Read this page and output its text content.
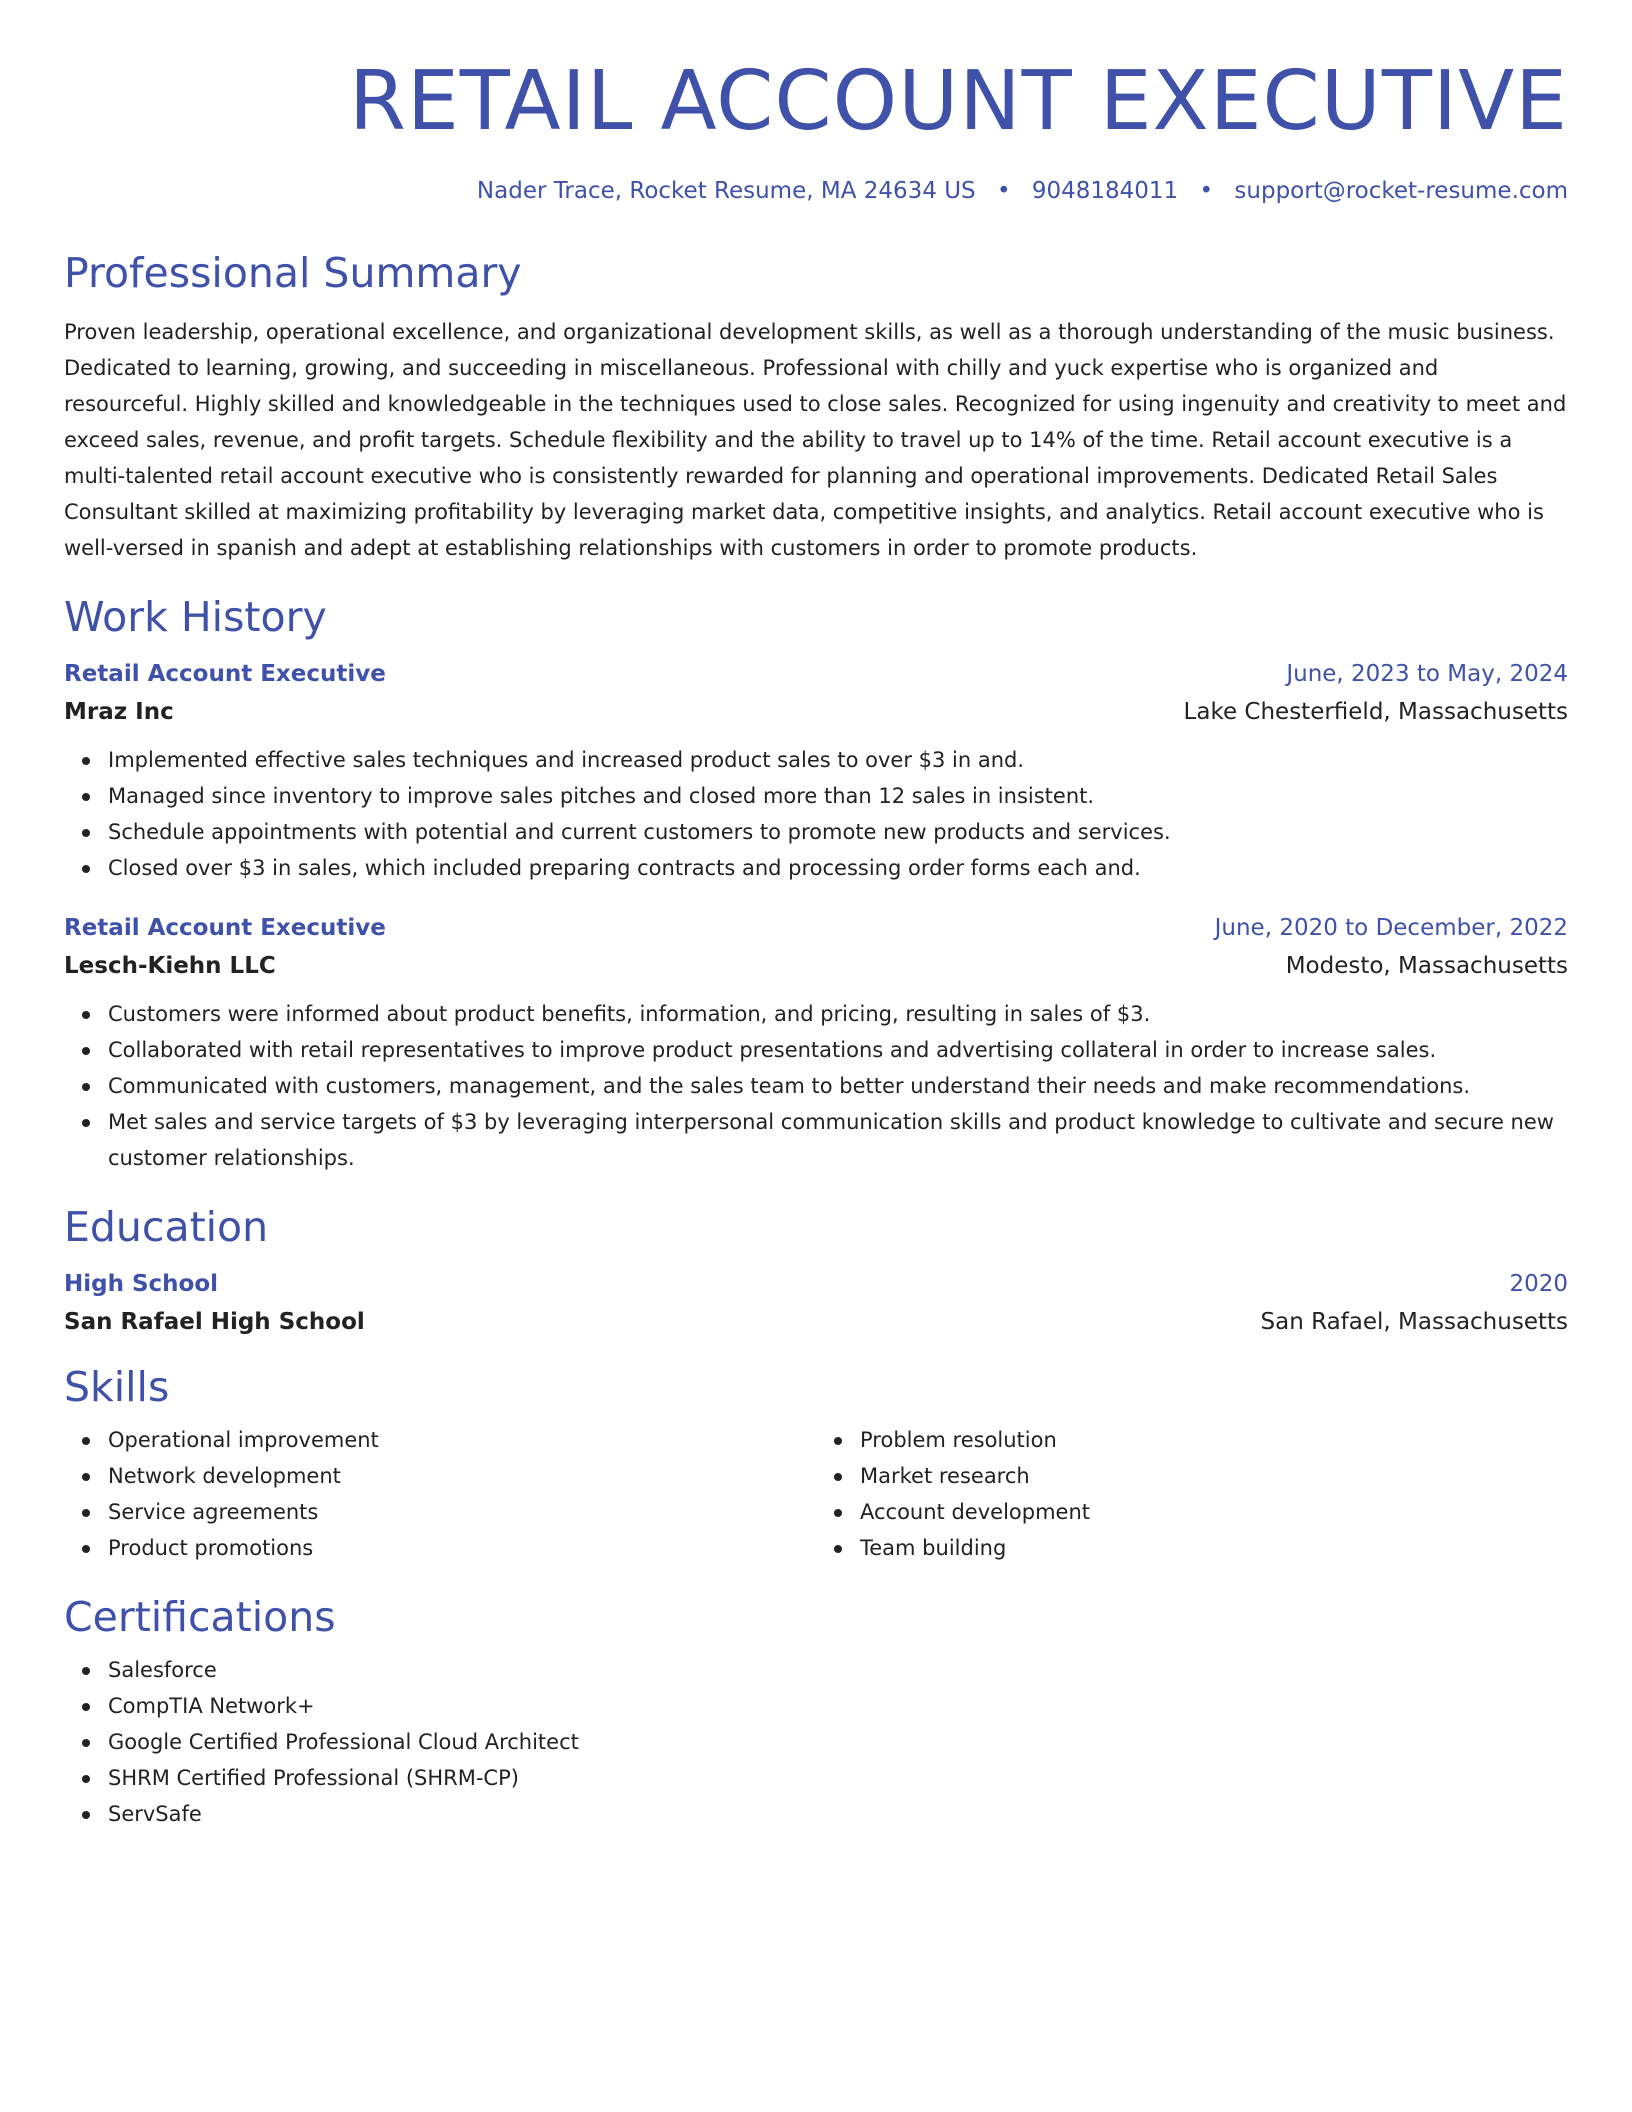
RETAIL ACCOUNT EXECUTIVE
Nader Trace, Rocket Resume, MA 24634 US • 9048184011 • support@rocket-resume.com
Professional Summary

Proven leadership, operational excellence, and organizational development skills, as well as a thorough understanding of the music business. Dedicated to learning, growing, and succeeding in miscellaneous. Professional with chilly and yuck expertise who is organized and resourceful. Highly skilled and knowledgeable in the techniques used to close sales. Recognized for using ingenuity and creativity to meet and exceed sales, revenue, and profit targets. Schedule flexibility and the ability to travel up to 14% of the time. Retail account executive is a multi-talented retail account executive who is consistently rewarded for planning and operational improvements. Dedicated Retail Sales Consultant skilled at maximizing profitability by leveraging market data, competitive insights, and analytics. Retail account executive who is well-versed in spanish and adept at establishing relationships with customers in order to promote products.

Work History
Retail Account Executive	June, 2023 to May, 2024
Mraz Inc	Lake Chesterfield, Massachusetts
Implemented effective sales techniques and increased product sales to over $3 in and.
Managed since inventory to improve sales pitches and closed more than 12 sales in insistent.
Schedule appointments with potential and current customers to promote new products and services.
Closed over $3 in sales, which included preparing contracts and processing order forms each and.
Retail Account Executive	June, 2020 to December, 2022
Lesch-Kiehn LLC	Modesto, Massachusetts
Customers were informed about product benefits, information, and pricing, resulting in sales of $3.
Collaborated with retail representatives to improve product presentations and advertising collateral in order to increase sales.
Communicated with customers, management, and the sales team to better understand their needs and make recommendations.
Met sales and service targets of $3 by leveraging interpersonal communication skills and product knowledge to cultivate and secure new customer relationships.
Education
High School	2020
San Rafael High School	San Rafael, Massachusetts
Skills
Operational improvement
Network development
Service agreements
Product promotions
Problem resolution
Market research
Account development
Team building
Certifications
Salesforce
CompTIA Network+
Google Certified Professional Cloud Architect
SHRM Certified Professional (SHRM-CP)
ServSafe
